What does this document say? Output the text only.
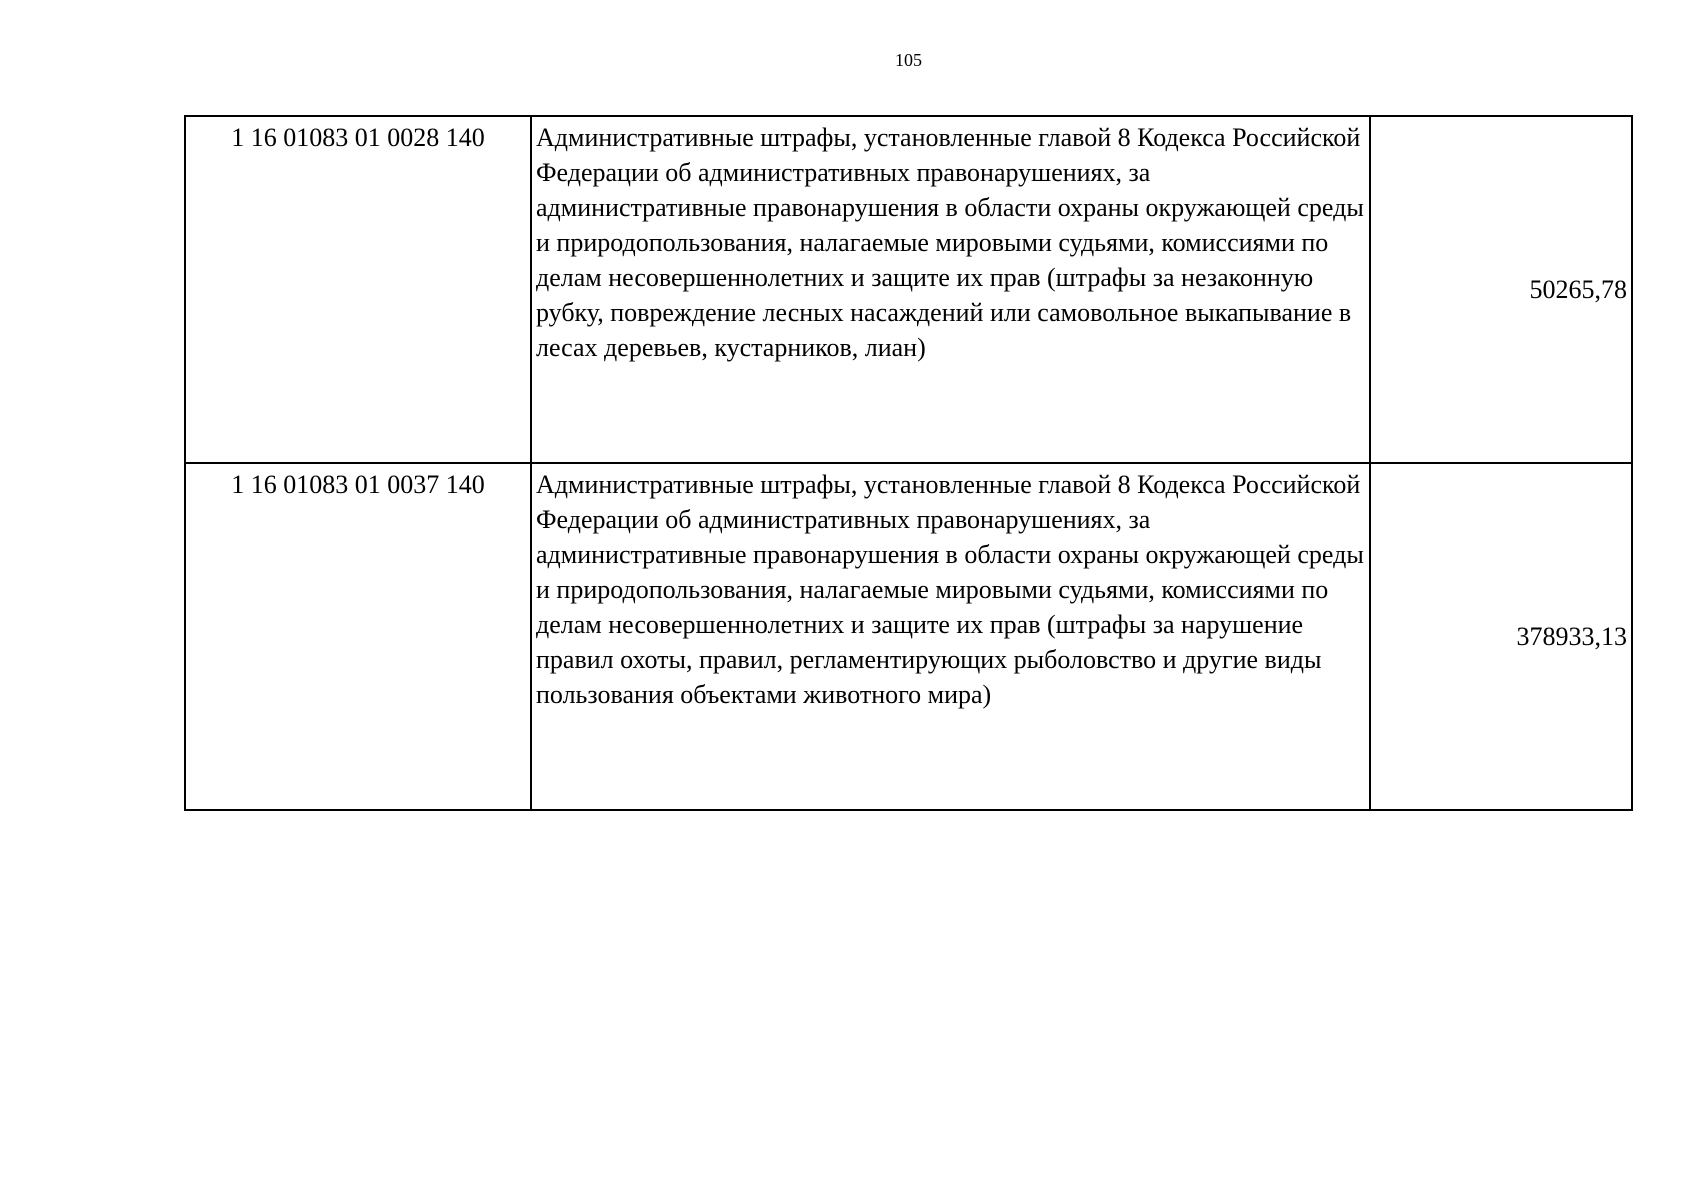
105
1 16 01083 01 0028 140	Административные штрафы, установленные главой 8 Кодекса Российской Федерации об административных правонарушениях, за административные правонарушения в области охраны окружающей среды и природопользования, налагаемые мировыми судьями, комиссиями по делам несовершеннолетних и защите их прав (штрафы за незаконную рубку, повреждение лесных насаждений или самовольное выкапывание в лесах деревьев, кустарников, лиан)	50265,78
1 16 01083 01 0037 140	Административные штрафы, установленные главой 8 Кодекса Российской Федерации об административных правонарушениях, за административные правонарушения в области охраны окружающей среды и природопользования, налагаемые мировыми судьями, комиссиями по делам несовершеннолетних и защите их прав (штрафы за нарушение правил охоты, правил, регламентирующих рыболовство и другие виды пользования объектами животного мира)	378933,13
